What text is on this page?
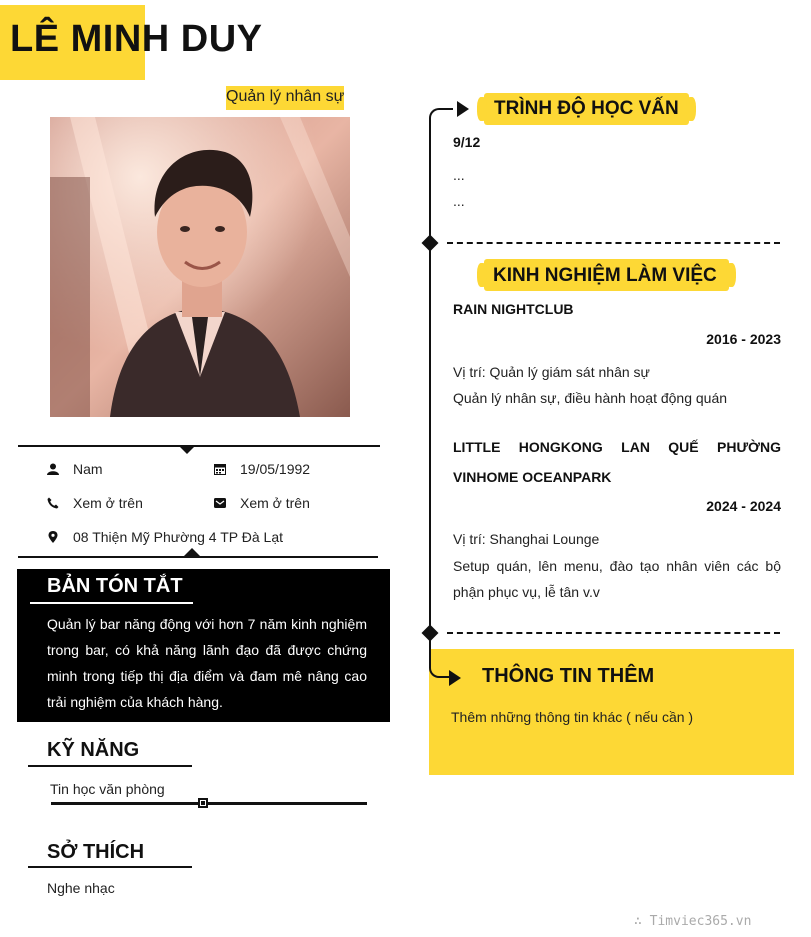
LÊ MINH DUY
Quản lý nhân sự
Nam	19/05/1992
Xem ở trên	Xem ở trên
08 Thiện Mỹ Phường 4 TP Đà Lạt
BẢN TÓN TẮT
Quản lý bar năng động với hơn 7 năm kinh nghiệm trong bar, có khả năng lãnh đạo đã được chứng minh trong tiếp thị địa điểm và đam mê nâng cao trải nghiệm của khách hàng.
KỸ NĂNG
Tin học văn phòng
SỞ THÍCH
Nghe nhạc
TRÌNH ĐỘ HỌC VẤN
9/12
...
...
KINH NGHIỆM LÀM VIỆC
RAIN NIGHTCLUB
2016 - 2023
Vị trí: Quản lý giám sát nhân sự
Quản lý nhân sự, điều hành hoạt động quán
LITTLE HONGKONG LAN QUẾ PHƯỜNG VINHOME OCEANPARK
2024 - 2024
Vị trí: Shanghai Lounge
Setup quán, lên menu, đào tạo nhân viên các bộ phận phục vụ, lễ tân v.v
THÔNG TIN THÊM
Thêm những thông tin khác ( nếu cần )
∴ Timviec365.vn
